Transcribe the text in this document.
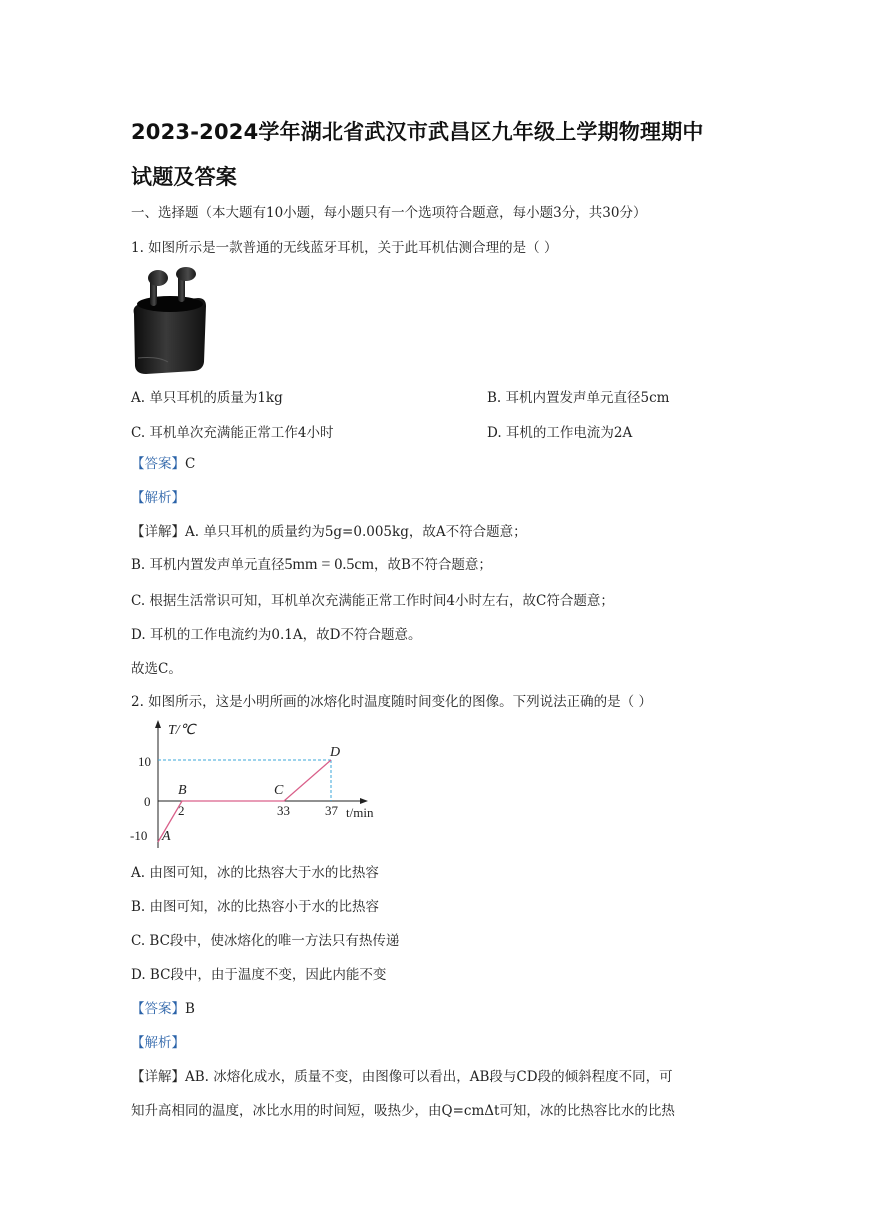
2023-2024学年湖北省武汉市武昌区九年级上学期物理期中
试题及答案
一、选择题（本大题有10小题，每小题只有一个选项符合题意，每小题3分，共30分）
1. 如图所示是一款普通的无线蓝牙耳机，关于此耳机估测合理的是（ ）
A. 单只耳机的质量为1kg	B. 耳机内置发声单元直径5cm
C. 耳机单次充满能正常工作4小时	D. 耳机的工作电流为2A
【答案】C
【解析】
【详解】A. 单只耳机的质量约为5g=0.005kg，故A不符合题意；
B. 耳机内置发声单元直径5mm = 0.5cm，故B不符合题意；
C. 根据生活常识可知，耳机单次充满能正常工作时间4小时左右，故C符合题意；
D. 耳机的工作电流约为0.1A，故D不符合题意。
故选C。
2. 如图所示，这是小明所画的冰熔化时温度随时间变化的图像。下列说法正确的是（ ）
T/℃
t/min
10
0
-10
2	33	37
A
B	C
D
A. 由图可知，冰的比热容大于水的比热容
B. 由图可知，冰的比热容小于水的比热容
C. BC段中，使冰熔化的唯一方法只有热传递
D. BC段中，由于温度不变，因此内能不变
【答案】B
【解析】
【详解】AB. 冰熔化成水，质量不变，由图像可以看出，AB段与CD段的倾斜程度不同，可
知升高相同的温度，冰比水用的时间短，吸热少，由Q=cmΔt可知，冰的比热容比水的比热
